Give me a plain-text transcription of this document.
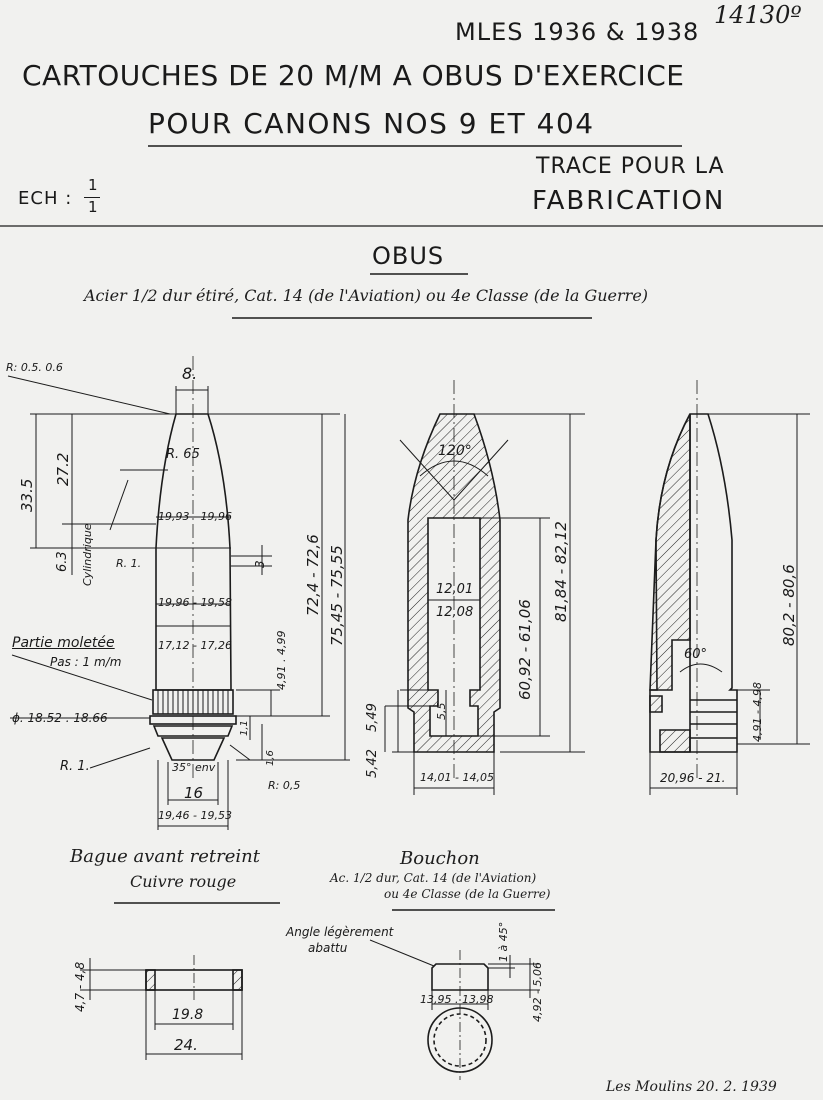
14130º
MLES 1936 & 1938
CARTOUCHES DE 20 M/M A OBUS D'EXERCICE
POUR CANONS NOS 9 ET 404
ECH :
1
1
TRACE POUR LA
FABRICATION
OBUS
Acier 1/2 dur étiré, Cat. 14 (de l'Aviation) ou 4e Classe (de la Guerre)
R: 0.5. 0.6	8.
R. 65
33.5
27.2
6.3 Cylindrique
19,93 - 19,96
R. 1.	3
19,96 - 19,58
Partie moletée
Pas : 1 m/m
17,12 - 17,26
ϕ. 18.52 . 18.66
72,4 - 72,6 75,45 - 75,55
4,91 . 4,99
1,1
1,6
R. 1.
R: 0,5
35° env
16
19,46 - 19,53
120°
12,01
12,08	60,92 - 61,06
81,84 - 82,12
5,49	5,5
5,42	14,01 - 14,05
60°
80,2 - 80,6
4,91 - 4,98
20,96 - 21.
Bague avant retreint
Cuivre rouge
4,7 - 4,8
19.8
24.
Bouchon
Ac. 1/2 dur, Cat. 14 (de l'Aviation)
ou 4e Classe (de la Guerre)
Angle légèrement
abattu	1 à 45°
4,92 - 5,06
13,95 . 13,98
Les Moulins 20. 2. 1939
